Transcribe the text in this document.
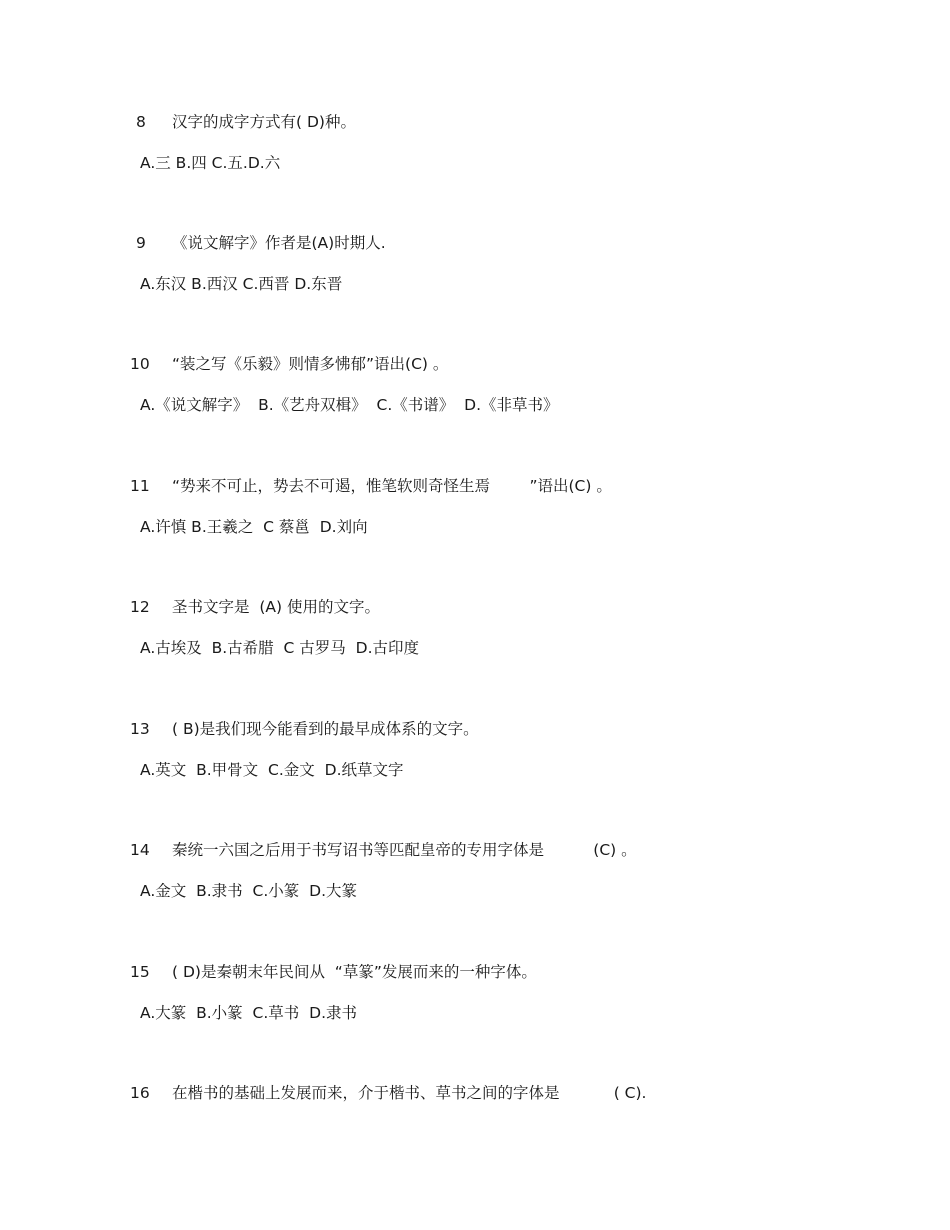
8 汉字的成字方式有( D)种。
A.三 B.四 C.五.D.六
9 《说文解字》作者是(A)时期人.
A.东汉 B.西汉 C.西晋 D.东晋
10 “装之写《乐毅》则情多怫郁”语出(C) 。
A.《说文解字》  B.《艺舟双楫》  C.《书谱》  D.《非草书》
11 “势来不可止，势去不可遏，惟笔软则奇怪生焉        ”语出(C) 。
A.许慎 B.王羲之  C 蔡邕  D.刘向
12 圣书文字是  (A) 使用的文字。
A.古埃及  B.古希腊  C 古罗马  D.古印度
13 ( B)是我们现今能看到的最早成体系的文字。
A.英文  B.甲骨文  C.金文  D.纸草文字
14 秦统一六国之后用于书写诏书等匹配皇帝的专用字体是          (C) 。
A.金文  B.隶书  C.小篆  D.大篆
15 ( D)是秦朝末年民间从  “草篆”发展而来的一种字体。
A.大篆  B.小篆  C.草书  D.隶书
16 在楷书的基础上发展而来，介于楷书、草书之间的字体是           ( C).
